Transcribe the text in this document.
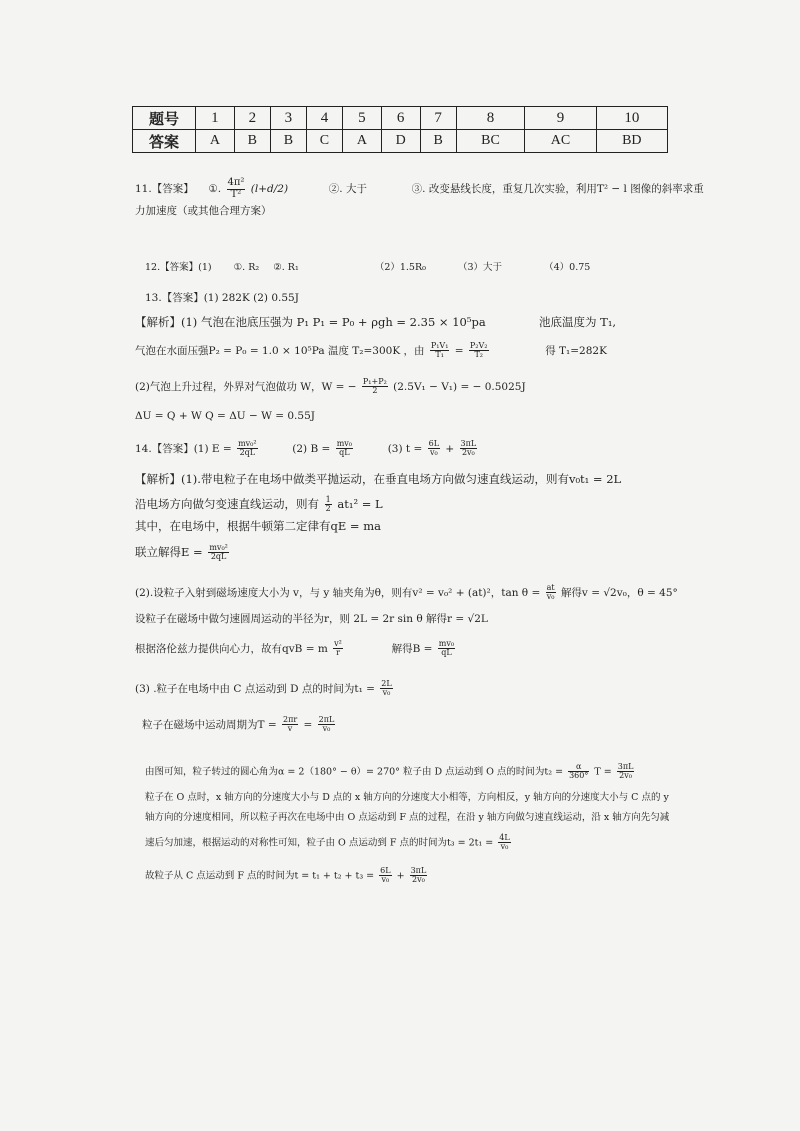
题号	1	2	3	4	5	6	7	8	9	10
答案	A	B	B	C	A	D	B	BC	AC	BD
11.【答案】 ①. $\frac{\text{4π²}}{\text{T²}} (l+d/2)$	②. 大于	③. 改变悬线长度，重复几次实验，利用T² − l 图像的斜率求重
力加速度（或其他合理方案）
12.【答案】(1) ①. R₂ ②. R₁	（2）1.5R₀	（3）大于	（4）0.75
13.【答案】(1) 282K (2) 0.55J
【解析】(1) 气泡在池底压强为 P₁ P₁ = P₀ + ρgh = 2.35 × 10⁵pa	池底温度为 T₁,
气泡在水面压强P₂ = P₀ = 1.0 × 10⁵Pa 温度 T₂=300K ，由 $\frac{\text{P₁V₁}}{\text{T₁}} = \frac{\text{P₂V₂}}{\text{T₂}}$	得 T₁=282K
(2)气泡上升过程，外界对气泡做功 W，W = − $\frac{\text{P₁+P₂}}{2} (2.5V_1 - V_1)$ = − 0.5025J
ΔU = Q + W Q = ΔU − W = 0.55J
14.【答案】(1) $E = \frac{\text{mv₀²}}{2qL}$	(2) $B = \frac{\text{mv₀}}{qL}$	(3) $t = \frac{6L}{\text{v₀}} + \frac{3\pi L}{\text{2v₀}}$
【解析】(1).带电粒子在电场中做类平抛运动，在垂直电场方向做匀速直线运动，则有v₀t₁ = 2L
沿电场方向做匀变速直线运动，则有 $\frac{1}{2} at_1^2 = L$
其中，在电场中，根据牛顿第二定律有qE = ma
联立解得$E = \frac{\text{mv₀²}}{2qL}$
(2).设粒子入射到磁场速度大小为 v，与 y 轴夹角为θ，则有v² = v₀² + (at)²，$\tan \theta = \frac{at}{\text{v₀}}$ 解得v = √2v₀，θ = 45°
设粒子在磁场中做匀速圆周运动的半径为r，则 2L = 2r sin θ 解得r = √2L
根据洛伦兹力提供向心力，故有qvB = m $\frac{\text{v²}}{r}$	解得$B = \frac{\text{mv₀}}{qL}$
(3) .粒子在电场中由 C 点运动到 D 点的时间为$t_1 = \frac{2L}{\text{v₀}}$
粒子在磁场中运动周期为$T = \frac{2\pi r}{v} = \frac{2\pi L}{\text{v₀}}$
由图可知，粒子转过的圆心角为α = 2（180° − θ）= 270° 粒子由 D 点运动到 O 点的时间为$t_2 = \frac{\alpha}{360^\circ}$ $T = \frac{3\pi L}{\text{2v₀}}$
粒子在 O 点时，x 轴方向的分速度大小与 D 点的 x 轴方向的分速度大小相等，方向相反，y 轴方向的分速度大小与 C 点的 y
轴方向的分速度相同，所以粒子再次在电场中由 O 点运动到 F 点的过程，在沿 y 轴方向做匀速直线运动，沿 x 轴方向先匀减
速后匀加速，根据运动的对称性可知，粒子由 O 点运动到 F 点的时间为$t_3 = 2t_1 = \frac{4L}{\text{v₀}}$
故粒子从 C 点运动到 F 点的时间为$t = t_1 + t_2 + t_3 = \frac{6L}{\text{v₀}} + \frac{3\pi L}{\text{2v₀}}$
